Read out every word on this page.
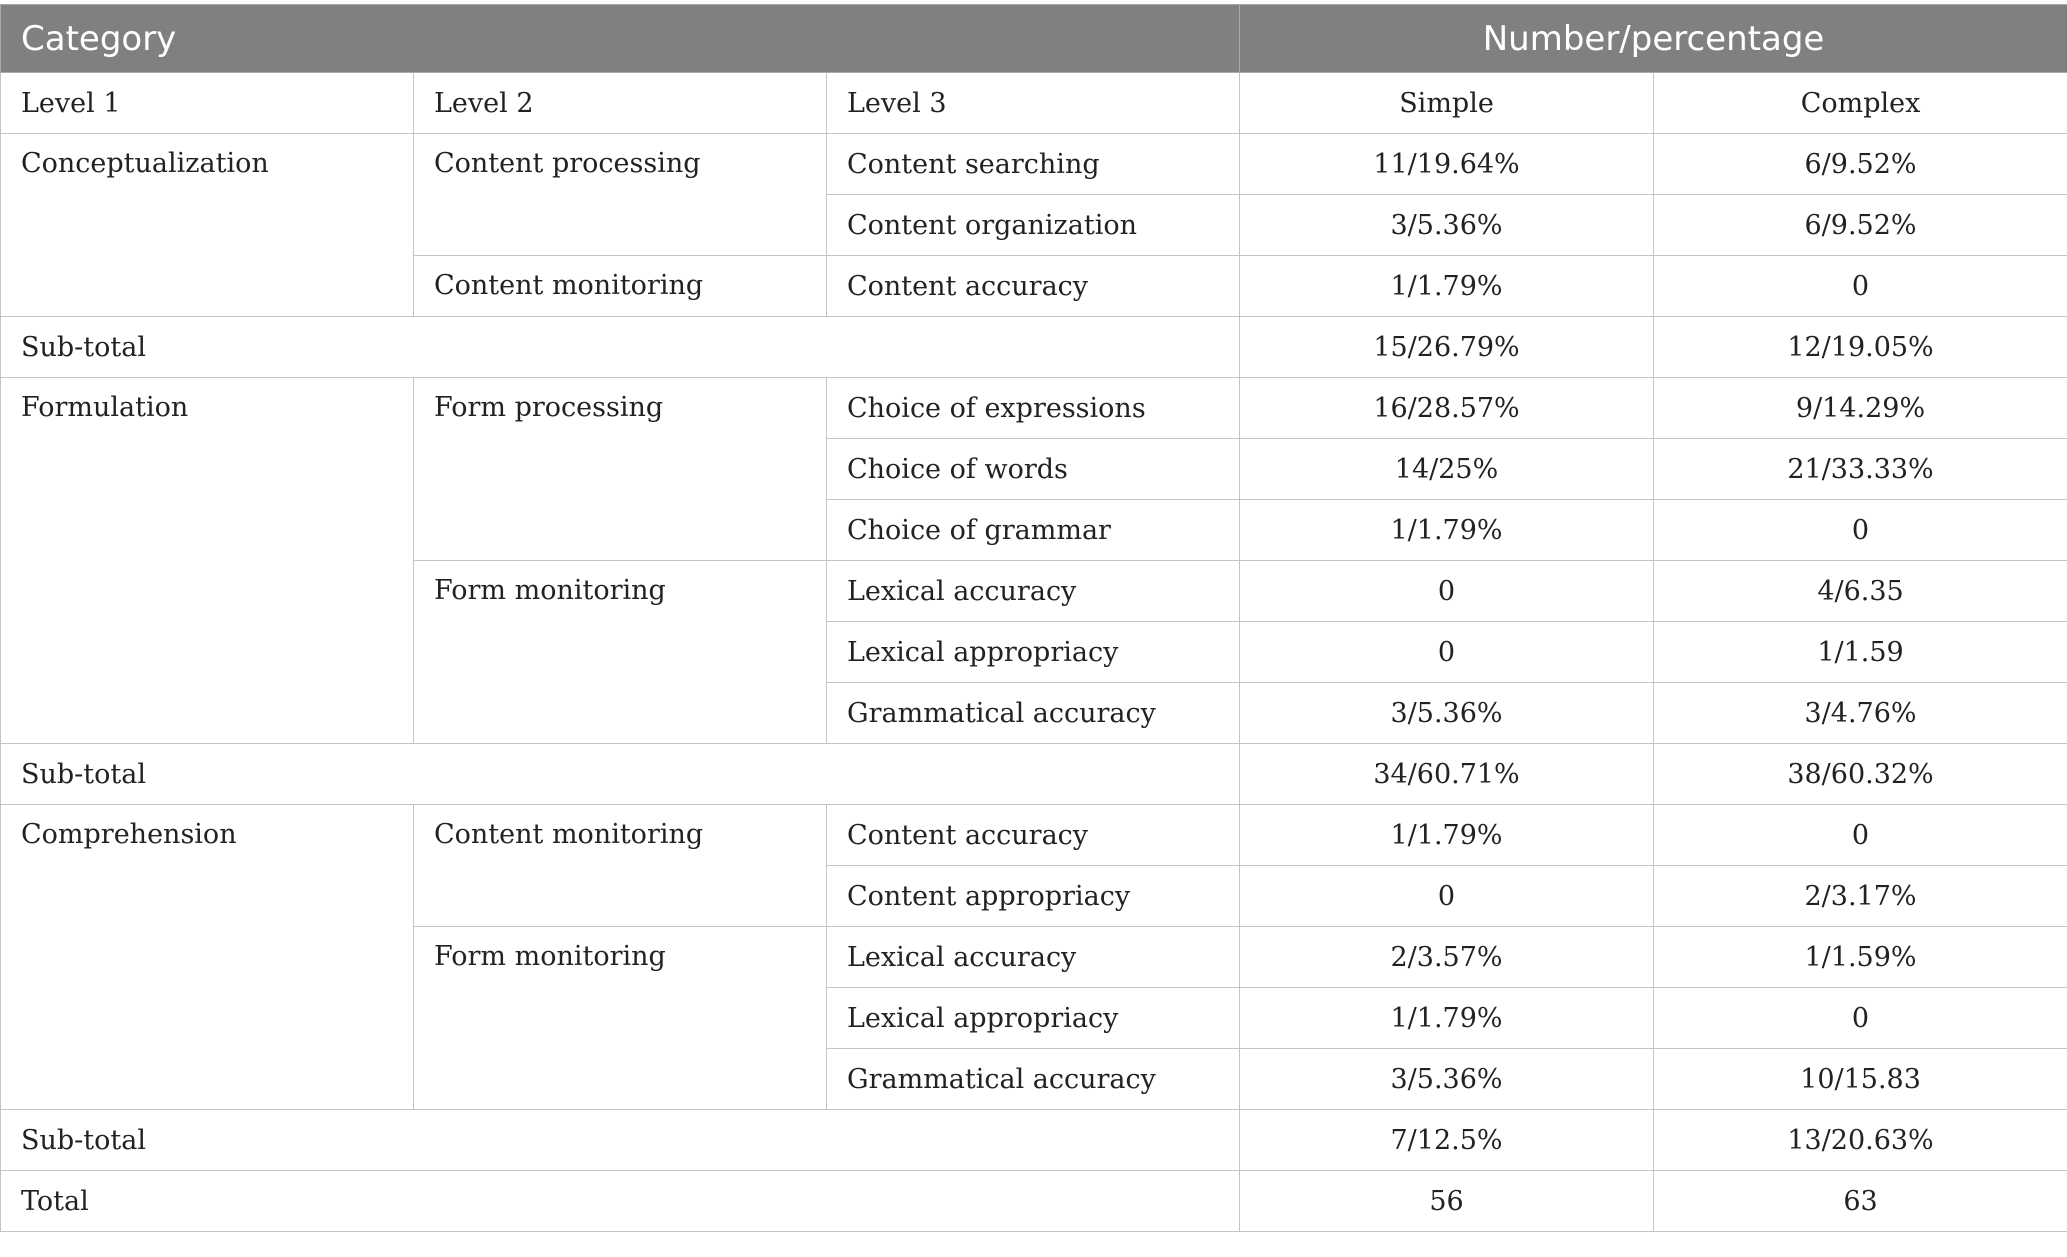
Category			Number/percentage	
Level 1	Level 2	Level 3	Simple	Complex
Conceptualization	Content processing	Content searching	11/19.64%	6/9.52%
		Content organization	3/5.36%	6/9.52%
	Content monitoring	Content accuracy	1/1.79%	0
Sub-total			15/26.79%	12/19.05%
Formulation	Form processing	Choice of expressions	16/28.57%	9/14.29%
		Choice of words	14/25%	21/33.33%
		Choice of grammar	1/1.79%	0
	Form monitoring	Lexical accuracy	0	4/6.35
		Lexical appropriacy	0	1/1.59
		Grammatical accuracy	3/5.36%	3/4.76%
Sub-total			34/60.71%	38/60.32%
Comprehension	Content monitoring	Content accuracy	1/1.79%	0
		Content appropriacy	0	2/3.17%
	Form monitoring	Lexical accuracy	2/3.57%	1/1.59%
		Lexical appropriacy	1/1.79%	0
		Grammatical accuracy	3/5.36%	10/15.83
Sub-total			7/12.5%	13/20.63%
Total			56	63
